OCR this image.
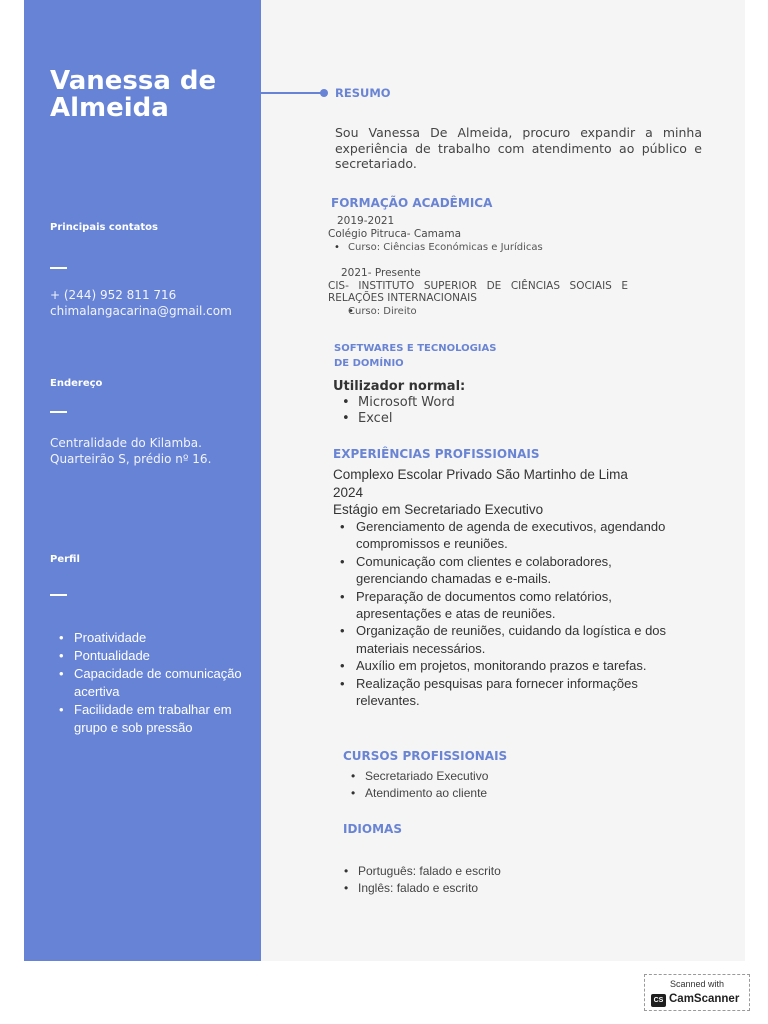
Vanessa de Almeida
Principais contatos
+ (244) 952 811 716
chimalangacarina@gmail.com
Endereço
Centralidade do Kilamba.
Quarteirão S, prédio nº 16.
Perfil
• Proatividade
• Pontualidade
• Capacidade de comunicação acertiva
• Facilidade em trabalhar em grupo e sob pressão
RESUMO
Sou Vanessa De Almeida, procuro expandir a minha experiência de trabalho com atendimento ao público e secretariado.
FORMAÇÃO ACADÊMICA
2019-2021
Colégio Pitruca- Camama
• Curso: Ciências Económicas e Jurídicas
2021- Presente
CIS- INSTITUTO SUPERIOR DE CIÊNCIAS SOCIAIS E
RELAÇÕES INTERNACIONAIS
• Curso: Direito
SOFTWARES E TECNOLOGIAS
DE DOMÍNIO
Utilizador normal:
• Microsoft Word
• Excel
EXPERIÊNCIAS PROFISSIONAIS
Complexo Escolar Privado São Martinho de Lima
2024
Estágio em Secretariado Executivo
• Gerenciamento de agenda de executivos, agendando compromissos e reuniões.
• Comunicação com clientes e colaboradores, gerenciando chamadas e e-mails.
• Preparação de documentos como relatórios, apresentações e atas de reuniões.
• Organização de reuniões, cuidando da logística e dos materiais necessários.
• Auxílio em projetos, monitorando prazos e tarefas.
• Realização pesquisas para fornecer informações relevantes.
CURSOS PROFISSIONAIS
• Secretariado Executivo
• Atendimento ao cliente
IDIOMAS
• Português: falado e escrito
• Inglês: falado e escrito
Scanned with
CS CamScanner
